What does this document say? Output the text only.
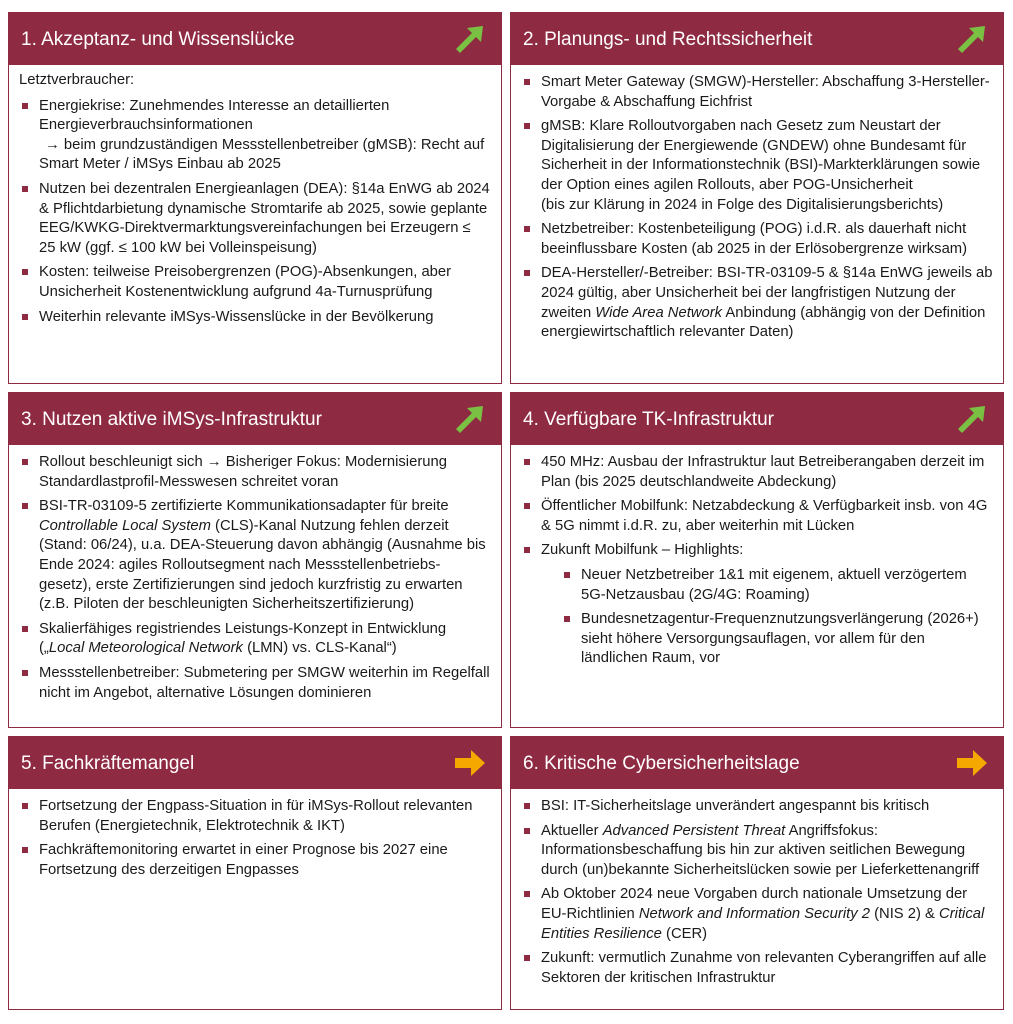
1. Akzeptanz- und Wissenslücke
Letztverbraucher:
Energiekrise: Zunehmendes Interesse an detaillierten Energieverbrauchsinformationen
→ beim grundzuständigen Messstellenbetreiber (gMSB): Recht auf Smart Meter / iMSys Einbau ab 2025
Nutzen bei dezentralen Energieanlagen (DEA): §14a EnWG ab 2024 & Pflichtdarbietung dynamische Stromtarife ab 2025, sowie geplante EEG/KWKG-Direktvermarktungsvereinfachungen bei Erzeugern ≤ 25 kW (ggf. ≤ 100 kW bei Volleinspeisung)
Kosten: teilweise Preisobergrenzen (POG)-Absenkungen, aber Unsicherheit Kostenentwicklung aufgrund 4a-Turnusprüfung
Weiterhin relevante iMSys-Wissenslücke in der Bevölkerung
2. Planungs- und Rechtssicherheit
Smart Meter Gateway (SMGW)-Hersteller: Abschaffung 3-Hersteller-Vorgabe & Abschaffung Eichfrist
gMSB: Klare Rolloutvorgaben nach Gesetz zum Neustart der Digitalisierung der Energiewende (GNDEW) ohne Bundesamt für Sicherheit in der Informationstechnik (BSI)-Markterklärungen sowie der Option eines agilen Rollouts, aber POG-Unsicherheit
(bis zur Klärung in 2024 in Folge des Digitalisierungsberichts)
Netzbetreiber: Kostenbeteiligung (POG) i.d.R. als dauerhaft nicht beeinflussbare Kosten (ab 2025 in der Erlösobergrenze wirksam)
DEA-Hersteller/-Betreiber: BSI-TR-03109-5 & §14a EnWG jeweils ab 2024 gültig, aber Unsicherheit bei der langfristigen Nutzung der zweiten Wide Area Network Anbindung (abhängig von der Definition energiewirtschaftlich relevanter Daten)
3. Nutzen aktive iMSys-Infrastruktur
Rollout beschleunigt sich → Bisheriger Fokus: Modernisierung Standardlastprofil-Messwesen schreitet voran
BSI-TR-03109-5 zertifizierte Kommunikationsadapter für breite Controllable Local System (CLS)-Kanal Nutzung fehlen derzeit (Stand: 06/24), u.a. DEA-Steuerung davon abhängig (Ausnahme bis Ende 2024: agiles Rolloutsegment nach Messstellenbetriebs-gesetz), erste Zertifizierungen sind jedoch kurzfristig zu erwarten (z.B. Piloten der beschleunigten Sicherheitszertifizierung)
Skalierfähiges registriendes Leistungs-Konzept in Entwicklung („Local Meteorological Network (LMN) vs. CLS-Kanal“)
Messstellenbetreiber: Submetering per SMGW weiterhin im Regelfall nicht im Angebot, alternative Lösungen dominieren
4. Verfügbare TK-Infrastruktur
450 MHz: Ausbau der Infrastruktur laut Betreiberangaben derzeit im Plan (bis 2025 deutschlandweite Abdeckung)
Öffentlicher Mobilfunk: Netzabdeckung & Verfügbarkeit insb. von 4G & 5G nimmt i.d.R. zu, aber weiterhin mit Lücken
Zukunft Mobilfunk – Highlights:
Neuer Netzbetreiber 1&1 mit eigenem, aktuell verzögertem 5G-Netzausbau (2G/4G: Roaming)
Bundesnetzagentur-Frequenznutzungsverlängerung (2026+) sieht höhere Versorgungsauflagen, vor allem für den ländlichen Raum, vor
5. Fachkräftemangel
Fortsetzung der Engpass-Situation in für iMSys-Rollout relevanten Berufen (Energietechnik, Elektrotechnik & IKT)
Fachkräftemonitoring erwartet in einer Prognose bis 2027 eine Fortsetzung des derzeitigen Engpasses
6. Kritische Cybersicherheitslage
BSI: IT-Sicherheitslage unverändert angespannt bis kritisch
Aktueller Advanced Persistent Threat Angriffsfokus: Informationsbeschaffung bis hin zur aktiven seitlichen Bewegung durch (un)bekannte Sicherheitslücken sowie per Lieferkettenangriff
Ab Oktober 2024 neue Vorgaben durch nationale Umsetzung der EU-Richtlinien Network and Information Security 2 (NIS 2) & Critical Entities Resilience (CER)
Zukunft: vermutlich Zunahme von relevanten Cyberangriffen auf alle Sektoren der kritischen Infrastruktur
